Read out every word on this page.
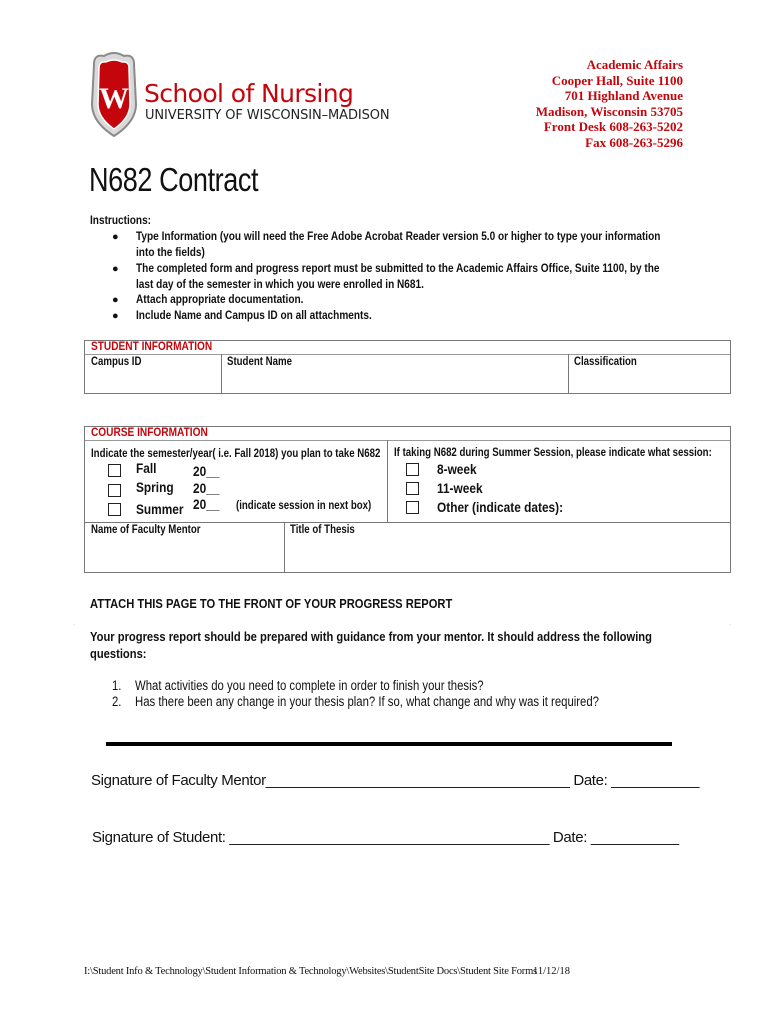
W School of Nursing
UNIVERSITY OF WISCONSIN–MADISON
Academic Affairs
Cooper Hall, Suite 1100
701 Highland Avenue
Madison, Wisconsin 53705
Front Desk 608-263-5202
Fax 608-263-5296
N682 Contract
Instructions:
● Type Information (you will need the Free Adobe Acrobat Reader version 5.0 or higher to type your information
into the fields)
● The completed form and progress report must be submitted to the Academic Affairs Office, Suite 1100, by the
last day of the semester in which you were enrolled in N681.
● Attach appropriate documentation.
● Include Name and Campus ID on all attachments.
STUDENT INFORMATION
Campus ID	Student Name	Classification
COURSE INFORMATION
Indicate the semester/year( i.e. Fall 2018) you plan to take N682
Fall	20__
Spring 20__
Summer 20__ (indicate session in next box)
If taking N682 during Summer Session, please indicate what session:
8-week
11-week
Other (indicate dates):
Name of Faculty Mentor	Title of Thesis
ATTACH THIS PAGE TO THE FRONT OF YOUR PROGRESS REPORT
Your progress report should be prepared with guidance from your mentor. It should address the following
questions:
·	·
1. What activities do you need to complete in order to finish your thesis?
2. Has there been any change in your thesis plan? If so, what change and why was it required?
Signature of Faculty Mentor______________________________________ Date: ___________
Signature of Student: ________________________________________ Date: ___________
I:\Student Info & Technology\Student Information & Technology\Websites\StudentSite Docs\Student Site Forms
11/12/18
